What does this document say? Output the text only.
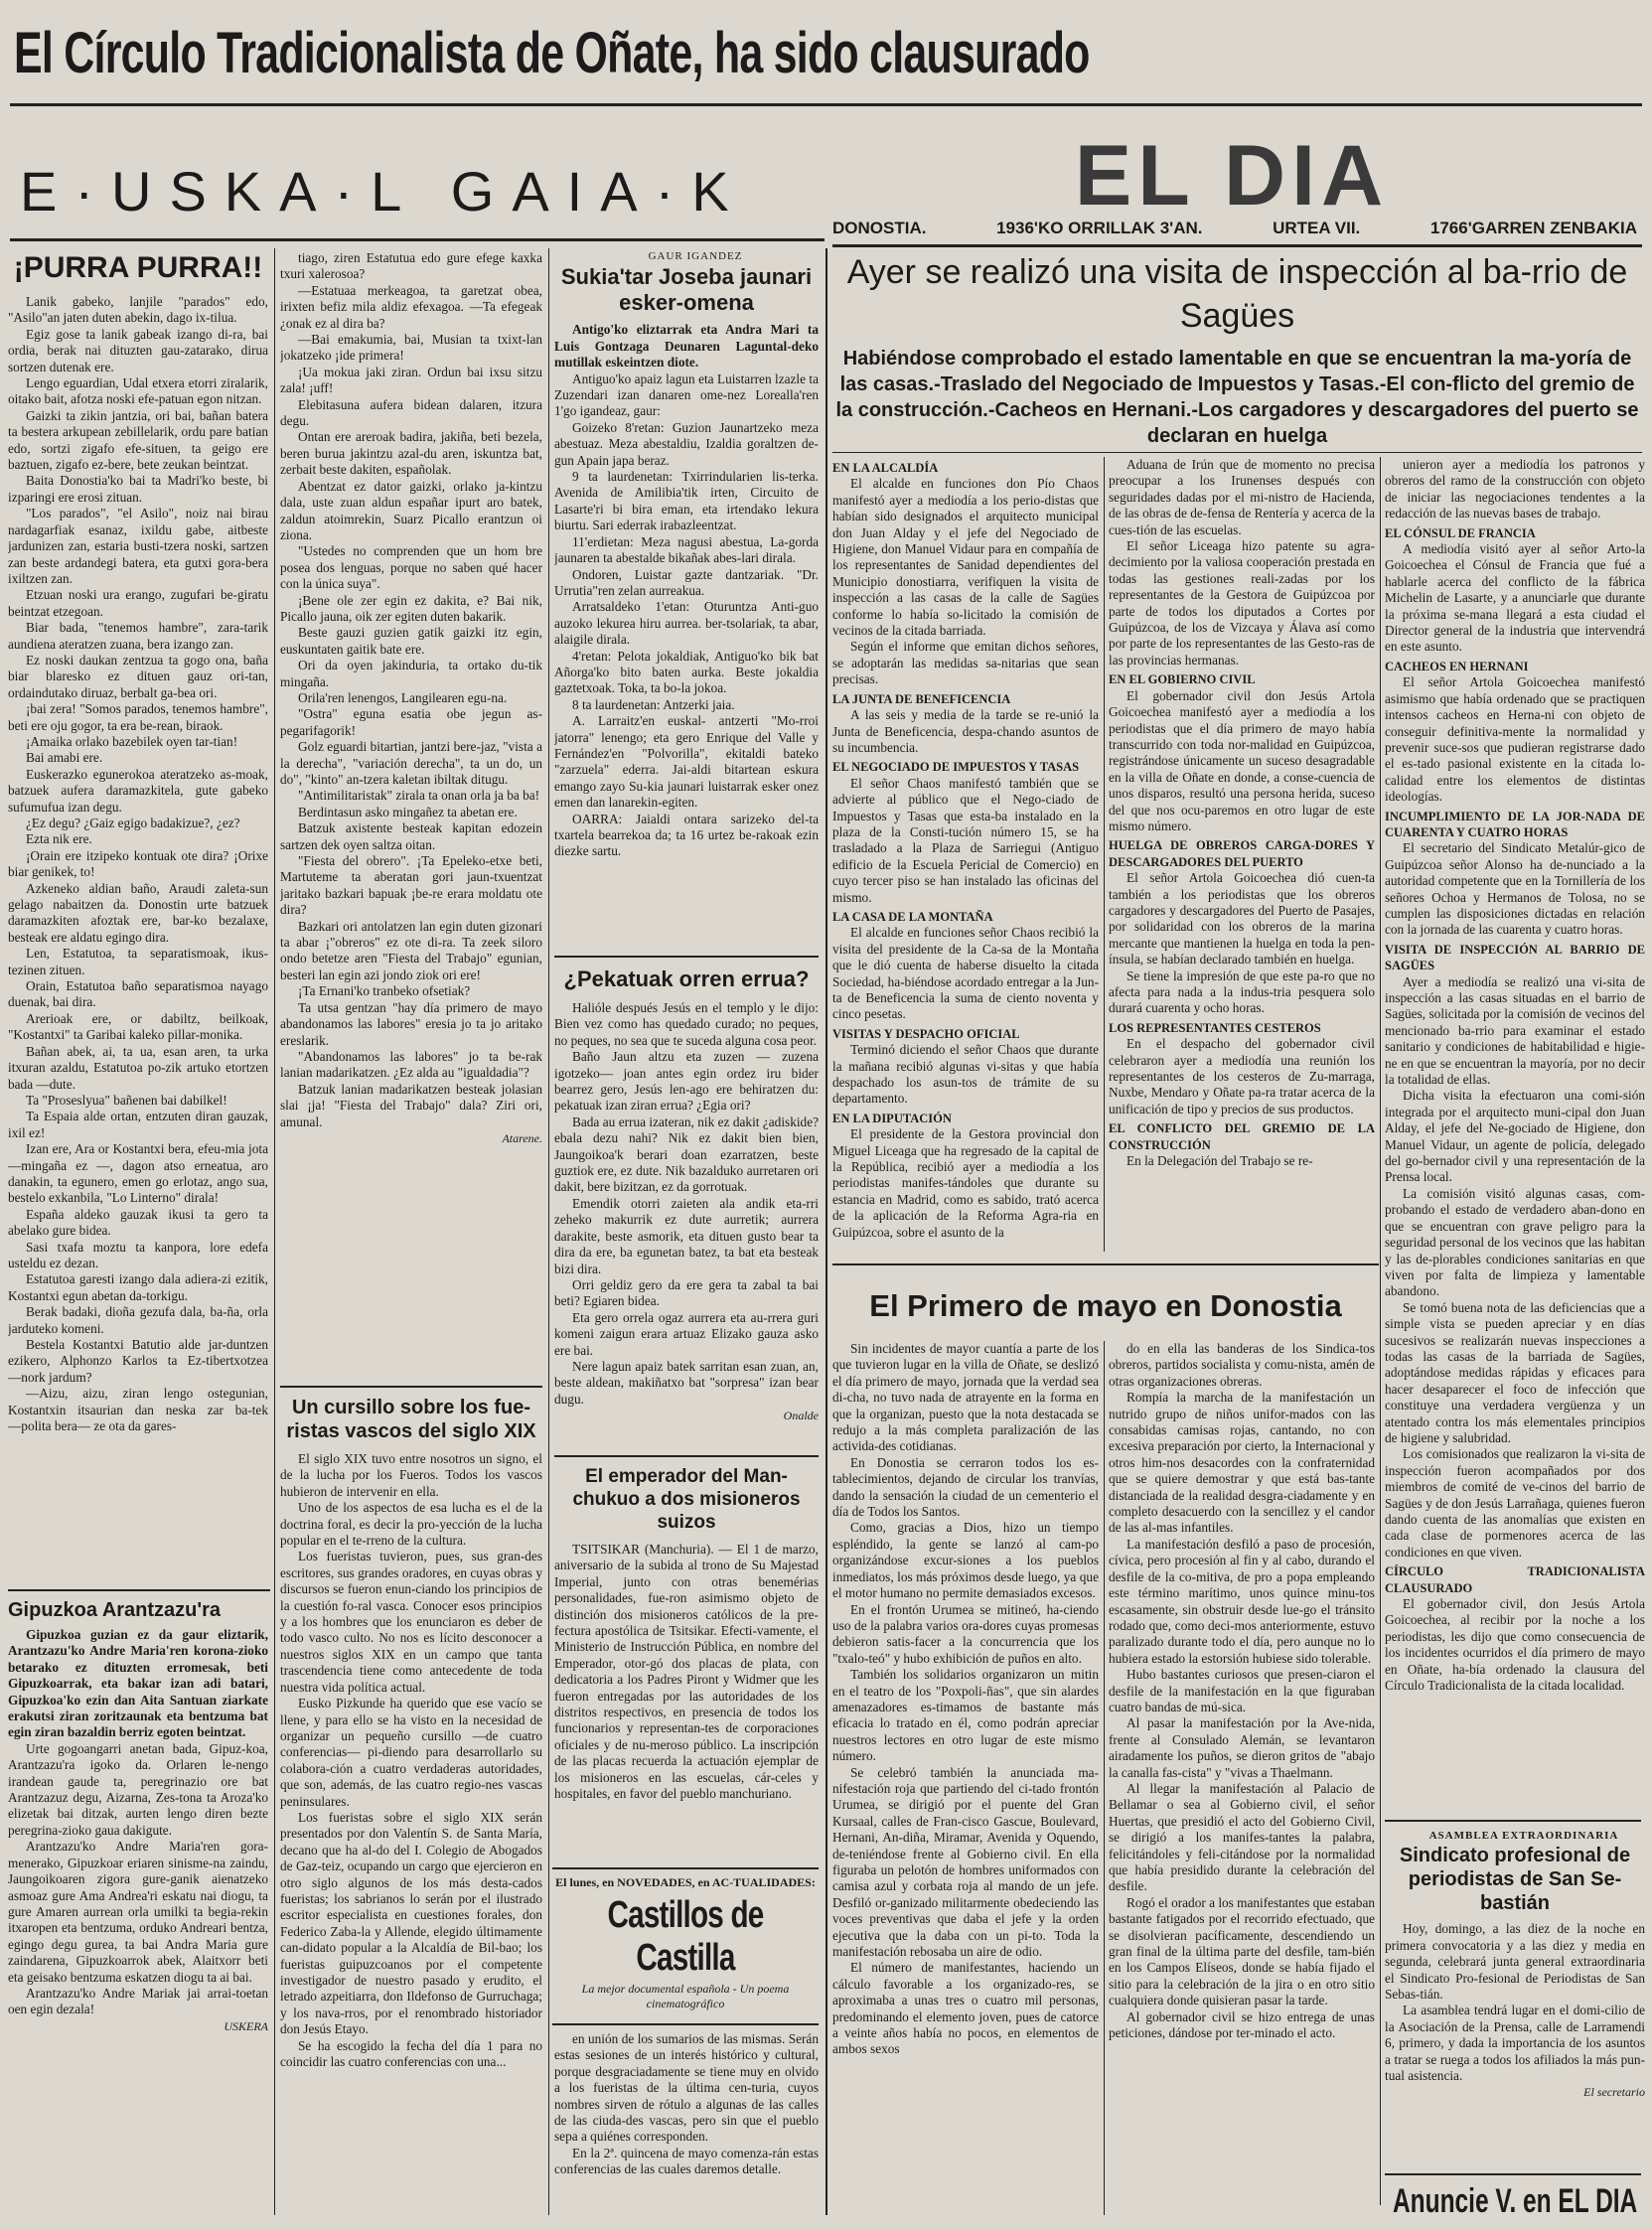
El Círculo Tradicionalista de Oñate, ha sido clausurado
E·USKA·L GAIA·K	EL DIA
DONOSTIA.	1936'KO ORRILLAK 3'AN.	URTEA VII.	1766'GARREN ZENBAKIA
¡PURRA PURRA!!

Lanik gabeko, lanjile "parados" edo, "Asilo"an jaten duten abekin, dago ix-tilua.

Egiz gose ta lanik gabeak izango di-ra, bai ordia, berak nai dituzten gau-zatarako, dirua sortzen dutenak ere.

Lengo eguardian, Udal etxera etorri ziralarik, oitako bait, afotza noski efe-patuan egon nitzan.

Gaizki ta zikin jantzia, ori bai, bañan batera ta bestera arkupean zebillelarik, ordu pare batian edo, sortzi zigafo efe-situen, ta geigo ere baztuen, zigafo ez-bere, bete zeukan beintzat.

Baita Donostia'ko bai ta Madri'ko beste, bi izparingi ere erosi zituan.

"Los parados", "el Asilo", noiz nai birau nardagarfiak esanaz, ixildu gabe, aitbeste jardunizen zan, estaria busti-tzera noski, sartzen zan beste ardandegi batera, eta gutxi gora-bera ixiltzen zan.

Etzuan noski ura erango, zugufari be-giratu beintzat etzegoan.

Biar bada, "tenemos hambre", zara-tarik aundiena ateratzen zuana, bera izango zan.

Ez noski daukan zentzua ta gogo ona, baña biar blaresko ez dituen gauz ori-tan, ordaindutako diruaz, berbalt ga-bea ori.

¡bai zera! "Somos parados, tenemos hambre", beti ere oju gogor, ta era be-rean, biraok.

¡Amaika orlako bazebilek oyen tar-tian!

Bai amabi ere.

Euskerazko egunerokoa ateratzeko as-moak, batzuek aufera daramazkitela, gute gabeko sufumufua izan degu.

¿Ez degu? ¿Gaiz egigo badakizue?, ¿ez?

Ezta nik ere.

¡Orain ere itzipeko kontuak ote dira? ¡Orixe biar genikek, to!

Azkeneko aldian baño, Araudi zaleta-sun gelago nabaitzen da. Donostin urte batzuek daramazkiten afoztak ere, bar-ko bezalaxe, besteak ere aldatu egingo dira.

Len, Estatutoa, ta separatismoak, ikus-tezinen zituen.

Orain, Estatutoa baño separatismoa nayago duenak, bai dira.

Arerioak ere, or dabiltz, beilkoak, "Kostantxi" ta Garibai kaleko pillar-monika.

Bañan abek, ai, ta ua, esan aren, ta urka itxuran azaldu, Estatutoa po-zik artuko etortzen bada ―dute.

Ta "Proseslyua" bañenen bai dabilkel!

Ta Espaia alde ortan, entzuten diran gauzak, ixil ez!

Izan ere, Ara or Kostantxi bera, efeu-mia jota ―mingaña ez ―, dagon atso erneatua, aro danakin, ta egunero, emen go erlotaz, ango sua, bestelo exkanbila, "Lo Linterno" dirala!

España aldeko gauzak ikusi ta gero ta abelako gure bidea.

Sasi txafa moztu ta kanpora, lore edefa usteldu ez dezan.

Estatutoa garesti izango dala adiera-zi ezitik, Kostantxi egun abetan da-torkigu.

Berak badaki, dioña gezufa dala, ba-ña, orla jarduteko komeni.

Bestela Kostantxi Batutio alde jar-duntzen ezikero, Alphonzo Karlos ta Ez-tibertxotzea ―nork jardum?

―Aizu, aizu, ziran lengo ostegunian, Kostantxin itsaurian dan neska zar ba-tek ―polita bera― ze ota da gares-

Gipuzkoa Arantzazu'ra

Gipuzkoa guzian ez da gaur eliztarik, Arantzazu'ko Andre Maria'ren korona-zioko betarako ez dituzten erromesak, beti Gipuzkoarrak, eta bakar izan adi batari, Gipuzkoa'ko ezin dan Aita Santuan ziarkate erakutsi ziran zoritzaunak eta bentzuma bat egin ziran bazaldin berriz egoten beintzat.

Urte gogoangarri anetan bada, Gipuz-koa, Arantzazu'ra igoko da. Orlaren le-nengo irandean gaude ta, peregrinazio ore bat Arantzazuz degu, Aizarna, Zes-tona ta Aroza'ko elizetak bai ditzak, aurten lengo diren bezte peregrina-zioko gaua dakigute.

Arantzazu'ko Andre Maria'ren gora-menerako, Gipuzkoar eriaren sinisme-na zaindu, Jaungoikoaren zigora gure-ganik aienatzeko asmoaz gure Ama Andrea'ri eskatu nai diogu, ta gure Amaren aurrean orla umilki ta begia-rekin itxaropen eta bentzuma, orduko Andreari bentza, egingo degu gurea, ta bai Andra Maria gure zaindarena, Gipuzkoarrok abek, Alaitxorr beti eta geisako bentzuma eskatzen diogu ta ai bai.

Arantzazu'ko Andre Mariak jai arrai-toetan oen egin dezala!

USKERA

tiago, ziren Estatutua edo gure efege kaxka txuri xalerosoa?

―Estatuaa merkeagoa, ta garetzat obea, irixten befiz mila aldiz efexagoa. ―Ta efegeak ¿onak ez al dira ba?

―Bai emakumia, bai, Musian ta txixt-lan jokatzeko ¡ide primera!

¡Ua mokua jaki ziran. Ordun bai ixsu sitzu zala! ¡uff!

Elebitasuna aufera bidean dalaren, itzura degu.

Ontan ere areroak badira, jakiña, beti bezela, beren burua jakintzu azal-du aren, iskuntza bat, zerbait beste dakiten, españolak.

Abentzat ez dator gaizki, orlako ja-kintzu dala, uste zuan aldun españar ipurt aro batek, zaldun atoimrekin, Suarz Picallo erantzun oi ziona.

"Ustedes no comprenden que un hom bre posea dos lenguas, porque no saben qué hacer con la única suya".

¡Bene ole zer egin ez dakita, e? Bai nik, Picallo jauna, oik zer egiten duten bakarik.

Beste gauzi guzien gatik gaizki itz egin, euskuntaten gaitik bate ere.

Ori da oyen jakinduria, ta ortako du-tik mingaña.

Orila'ren lenengos, Langilearen egu-na.

"Ostra" eguna esatia obe jegun as-pegarifagorik!

Golz eguardi bitartian, jantzi bere-jaz, "vista a la derecha", "variación derecha", ta un do, un do", "kinto" an-tzera kaletan ibiltak ditugu.

"Antimilitaristak" zirala ta onan orla ja ba ba!

Berdintasun asko mingañez ta abetan ere.

Batzuk axistente besteak kapitan edozein sartzen dek oyen saltza oitan.

"Fiesta del obrero". ¡Ta Epeleko-etxe beti, Martuteme ta aberatan gori jaun-txuentzat jaritako bazkari bapuak ¡be-re erara moldatu ote dira?

Bazkari ori antolatzen lan egin duten gizonari ta abar ¡"obreros" ez ote di-ra. Ta zeek siloro ondo betetze aren "Fiesta del Trabajo" egunian, besteri lan egin azi jondo ziok ori ere!

¡Ta Ernani'ko tranbeko ofsetiak?

Ta utsa gentzan "hay día primero de mayo abandonamos las labores" eresia jo ta jo aritako ereslarik.

"Abandonamos las labores" jo ta be-rak lanian madarikatzen. ¿Ez alda au "igualdadia"?

Batzuk lanian madarikatzen besteak jolasian slai ¡ja! "Fiesta del Trabajo" dala? Ziri ori, amunal.

Atarene.

Un cursillo sobre los fue-ristas vascos del siglo XIX

El siglo XIX tuvo entre nosotros un signo, el de la lucha por los Fueros. Todos los vascos hubieron de intervenir en ella.

Uno de los aspectos de esa lucha es el de la doctrina foral, es decir la pro-yección de la lucha popular en el te-rreno de la cultura.

Los fueristas tuvieron, pues, sus gran-des escritores, sus grandes oradores, en cuyas obras y discursos se fueron enun-ciando los principios de la cuestión fo-ral vasca. Conocer esos principios y a los hombres que los enunciaron es deber de todo vasco culto. No nos es lícito desconocer a nuestros siglos XIX en un campo que tanta trascendencia tiene como antecedente de toda nuestra vida política actual.

Eusko Pizkunde ha querido que ese vacío se llene, y para ello se ha visto en la necesidad de organizar un pequeño cursillo ―de cuatro conferencias― pi-diendo para desarrollarlo su colabora-ción a cuatro verdaderas autoridades, que son, además, de las cuatro regio-nes vascas peninsulares.

Los fueristas sobre el siglo XIX serán presentados por don Valentín S. de Santa María, decano que ha al-do del I. Colegio de Abogados de Gaz-teiz, ocupando un cargo que ejercieron en otro siglo algunos de los más desta-cados fueristas; los sabrianos lo serán por el ilustrado escritor especialista en cuestiones forales, don Federico Zaba-la y Allende, elegido últimamente can-didato popular a la Alcaldía de Bil-bao; los fueristas guipuzcoanos por el competente investigador de nuestro pasado y erudito, el letrado azpeitiarra, don Ildefonso de Gurruchaga; y los nava-rros, por el renombrado historiador don Jesús Etayo.

Se ha escogido la fecha del día 1 para no coincidir las cuatro conferencias con una...

GAUR IGANDEZ

Sukia'tar Joseba jaunari esker-omena

Antigo'ko eliztarrak eta Andra Mari ta Luis Gontzaga Deunaren Laguntal-deko mutillak eskeintzen diote.

Antiguo'ko apaiz lagun eta Luistarren lzazle ta Zuzendari izan danaren ome-nez Lorealla'ren 1'go igandeaz, gaur:

Goizeko 8'retan: Guzion Jaunartzeko meza abestuaz. Meza abestaldiu, Izaldia goraltzen de-gun Apain japa beraz.

9 ta laurdenetan: Txirrindularien lis-terka. Avenida de Amilibia'tik irten, Circuito de Lasarte'ri bi bira eman, eta irtendako lekura biurtu. Sari ederrak irabazleentzat.

11'erdietan: Meza nagusi abestua, La-gorda jaunaren ta abestalde bikañak abes-lari dirala.

Ondoren, Luistar gazte dantzariak. "Dr. Urrutia"ren zelan aurreakua.

Arratsaldeko 1'etan: Oturuntza Anti-guo auzoko lekurea hiru aurrea. ber-tsolariak, ta abar, alaigile dirala.

4'retan: Pelota jokaldiak, Antiguo'ko bik bat Añorga'ko bito baten aurka. Beste jokaldia gaztetxoak. Toka, ta bo-la jokoa.

8 ta laurdenetan: Antzerki jaia.

A. Larraitz'en euskal- antzerti "Mo-rroi jatorra" lenengo; eta gero Enrique del Valle y Fernández'en "Polvorilla", ekitaldi bateko "zarzuela" ederra. Jai-aldi bitartean eskura emango zayo Su-kia jaunari luistarrak esker onez emen dan lanarekin-egiten.

OARRA: Jaialdi ontara sarizeko del-ta txartela bearrekoa da; ta 16 urtez be-rakoak ezin diezke sartu.

¿Pekatuak orren errua?

Halióle después Jesús en el templo y le dijo: Bien vez como has quedado curado; no peques, no peques, no sea que te suceda alguna cosa peor.

Baño Jaun altzu eta zuzen ― zuzena igotzeko― joan antes egin ordez iru bider bearrez gero, Jesús len-ago ere behiratzen du: pekatuak izan ziran errua? ¿Egia ori?

Bada au errua izateran, nik ez dakit ¿adiskide? ebala dezu nahi? Nik ez dakit bien bien, Jaungoikoa'k berari doan ezarratzen, beste guztiok ere, ez dute. Nik bazalduko aurretaren ori dakit, bere bizitzan, ez da gorrotuak.

Emendik otorri zaieten ala andik eta-rri zeheko makurrik ez dute aurretik; aurrera darakite, beste asmorik, eta dituen gusto bear ta dira da ere, ba egunetan batez, ta bat eta besteak bizi dira.

Orri geldiz gero da ere gera ta zabal ta bai beti? Egiaren bidea.

Eta gero orrela ogaz aurrera eta au-rrera guri komeni zaigun erara artuaz Elizako gauza asko ere bai.

Nere lagun apaiz batek sarritan esan zuan, an, beste aldean, makiñatxo bat "sorpresa" izan bear dugu.

Onalde

El emperador del Man-chukuo a dos misioneros suizos

TSITSIKAR (Manchuria). ― El 1 de marzo, aniversario de la subida al trono de Su Majestad Imperial, junto con otras benemérias personalidades, fue-ron asimismo objeto de distinción dos misioneros católicos de la pre-fectura apostólica de Tsitsikar. Efecti-vamente, el Ministerio de Instrucción Pública, en nombre del Emperador, otor-gó dos placas de plata, con dedicatoria a los Padres Piront y Widmer que les fueron entregadas por las autoridades de los distritos respectivos, en presencia de todos los funcionarios y representan-tes de corporaciones oficiales y de nu-meroso público. La inscripción de las placas recuerda la actuación ejemplar de los misioneros en las escuelas, cár-celes y hospitales, en favor del pueblo manchuriano.

El lunes, en NOVEDADES, en AC-TUALIDADES:

Castillos de Castilla

La mejor documental española - Un poema cinematográfico

en unión de los sumarios de las mismas. Serán estas sesiones de un interés histórico y cultural, porque desgraciadamente se tiene muy en olvido a los fueristas de la última cen-turia, cuyos nombres sirven de rótulo a algunas de las calles de las ciuda-des vascas, pero sin que el pueblo sepa a quiénes corresponden.

En la 2ª. quincena de mayo comenza-rán estas conferencias de las cuales daremos detalle.

Ayer se realizó una visita de inspección al ba-rrio de Sagües
Habiéndose comprobado el estado lamentable en que se encuentran la ma-yoría de las casas.-Traslado del Negociado de Impuestos y Tasas.-El con-flicto del gremio de la construcción.-Cacheos en Hernani.-Los cargadores y descargadores del puerto se declaran en huelga

EN LA ALCALDÍA

El alcalde en funciones don Pío Chaos manifestó ayer a mediodía a los perio-distas que habían sido designados el arquitecto municipal don Juan Alday y el jefe del Negociado de Higiene, don Manuel Vidaur para en compañía de los representantes de Sanidad dependientes del Municipio donostiarra, verifiquen la visita de inspección a las casas de la calle de Sagües conforme lo había so-licitado la comisión de vecinos de la citada barriada.

Según el informe que emitan dichos señores, se adoptarán las medidas sa-nitarias que sean precisas.

LA JUNTA DE BENEFICENCIA

A las seis y media de la tarde se re-unió la Junta de Beneficencia, despa-chando asuntos de su incumbencia.

EL NEGOCIADO DE IMPUESTOS Y TASAS

El señor Chaos manifestó también que se advierte al público que el Nego-ciado de Impuestos y Tasas que esta-ba instalado en la plaza de la Consti-tución número 15, se ha trasladado a la Plaza de Sarriegui (Antiguo edificio de la Escuela Pericial de Comercio) en cuyo tercer piso se han instalado las oficinas del mismo.

LA CASA DE LA MONTAÑA

El alcalde en funciones señor Chaos recibió la visita del presidente de la Ca-sa de la Montaña que le dió cuenta de haberse disuelto la citada Sociedad, ha-biéndose acordado entregar a la Jun-ta de Beneficencia la suma de ciento noventa y cinco pesetas.

VISITAS Y DESPACHO OFICIAL

Terminó diciendo el señor Chaos que durante la mañana recibió algunas vi-sitas y que había despachado los asun-tos de trámite de su departamento.

EN LA DIPUTACIÓN

El presidente de la Gestora provincial don Miguel Liceaga que ha regresado de la capital de la República, recibió ayer a mediodía a los periodistas manifes-tándoles que durante su estancia en Madrid, como es sabido, trató acerca de la aplicación de la Reforma Agra-ria en Guipúzcoa, sobre el asunto de la

Aduana de Irún que de momento no precisa preocupar a los Irunenses después con seguridades dadas por el mi-nistro de Hacienda, de las obras de de-fensa de Rentería y acerca de la cues-tión de las escuelas.

El señor Liceaga hizo patente su agra-decimiento por la valiosa cooperación prestada en todas las gestiones reali-zadas por los representantes de la Gestora de Guipúzcoa por parte de todos los diputados a Cortes por Guipúzcoa, de los de Vizcaya y Álava así como por parte de los representantes de las Gesto-ras de las provincias hermanas.

EN EL GOBIERNO CIVIL

El gobernador civil don Jesús Artola Goicoechea manifestó ayer a mediodía a los periodistas que el día primero de mayo había transcurrido con toda nor-malidad en Guipúzcoa, registrándose únicamente un suceso desagradable en la villa de Oñate en donde, a conse-cuencia de unos disparos, resultó una persona herida, suceso del que nos ocu-paremos en otro lugar de este mismo número.

HUELGA DE OBREROS CARGA-DORES Y DESCARGADORES DEL PUERTO

El señor Artola Goicoechea dió cuen-ta también a los periodistas que los obreros cargadores y descargadores del Puerto de Pasajes, por solidaridad con los obreros de la marina mercante que mantienen la huelga en toda la pen-ínsula, se habían declarado también en huelga.

Se tiene la impresión de que este pa-ro que no afecta para nada a la indus-tria pesquera solo durará cuarenta y ocho horas.

LOS REPRESENTANTES CESTEROS

En el despacho del gobernador civil celebraron ayer a mediodía una reunión los representantes de los cesteros de Zu-marraga, Nuxbe, Mendaro y Oñate pa-ra tratar acerca de la unificación de tipo y precios de sus productos.

EL CONFLICTO DEL GREMIO DE LA CONSTRUCCIÓN

En la Delegación del Trabajo se re-

unieron ayer a mediodía los patronos y obreros del ramo de la construcción con objeto de iniciar las negociaciones tendentes a la redacción de las nuevas bases de trabajo.

EL CÓNSUL DE FRANCIA

A mediodía visitó ayer al señor Arto-la Goicoechea el Cónsul de Francia que fué a hablarle acerca del conflicto de la fábrica Michelin de Lasarte, y a anunciarle que durante la próxima se-mana llegará a esta ciudad el Director general de la industria que intervendrá en este asunto.

CACHEOS EN HERNANI

El señor Artola Goicoechea manifestó asimismo que había ordenado que se practiquen intensos cacheos en Herna-ni con objeto de conseguir definitiva-mente la normalidad y prevenir suce-sos que pudieran registrarse dado el es-tado pasional existente en la citada lo-calidad entre los elementos de distintas ideologías.

INCUMPLIMIENTO DE LA JOR-NADA DE CUARENTA Y CUATRO HORAS

El secretario del Sindicato Metalúr-gico de Guipúzcoa señor Alonso ha de-nunciado a la autoridad competente que en la Tornillería de los señores Ochoa y Hermanos de Tolosa, no se cumplen las disposiciones dictadas en relación con la jornada de las cuarenta y cuatro horas.

VISITA DE INSPECCIÓN AL BARRIO DE SAGÜES

Ayer a mediodía se realizó una vi-sita de inspección a las casas situadas en el barrio de Sagües, solicitada por la comisión de vecinos del mencionado ba-rrio para examinar el estado sanitario y condiciones de habitabilidad e higie-ne en que se encuentran la mayoría, por no decir la totalidad de ellas.

Dicha visita la efectuaron una comi-sión integrada por el arquitecto muni-cipal don Juan Alday, el jefe del Ne-gociado de Higiene, don Manuel Vidaur, un agente de policía, delegado del go-bernador civil y una representación de la Prensa local.

La comisión visitó algunas casas, com-probando el estado de verdadero aban-dono en que se encuentran con grave peligro para la seguridad personal de los vecinos que las habitan y las de-plorables condiciones sanitarias en que viven por falta de limpieza y lamentable abandono.

Se tomó buena nota de las deficiencias que a simple vista se pueden apreciar y en días sucesivos se realizarán nuevas inspecciones a todas las casas de la barriada de Sagües, adoptándose medidas rápidas y eficaces para hacer desaparecer el foco de infección que constituye una verdadera vergüenza y un atentado contra los más elementales principios de higiene y salubridad.

Los comisionados que realizaron la vi-sita de inspección fueron acompañados por dos miembros de comité de ve-cinos del barrio de Sagües y de don Jesús Larrañaga, quienes fueron dando cuenta de las anomalías que existen en cada clase de pormenores acerca de las condiciones en que viven.

CÍRCULO TRADICIONALISTA CLAUSURADO

El gobernador civil, don Jesús Artola Goicoechea, al recibir por la noche a los periodistas, les dijo que como consecuencia de los incidentes ocurridos el día primero de mayo en Oñate, ha-bía ordenado la clausura del Círculo Tradicionalista de la citada localidad.

ASAMBLEA EXTRAORDINARIA

Sindicato profesional de periodistas de San Se-bastián

Hoy, domingo, a las diez de la noche en primera convocatoria y a las diez y media en segunda, celebrará junta general extraordinaria el Sindicato Pro-fesional de Periodistas de San Sebas-tián.

La asamblea tendrá lugar en el domi-cilio de la Asociación de la Prensa, calle de Larramendi 6, primero, y dada la importancia de los asuntos a tratar se ruega a todos los afiliados la más pun-tual asistencia.

El secretario

Anuncie V. en EL DIA
El Primero de mayo en Donostia

Sin incidentes de mayor cuantía a parte de los que tuvieron lugar en la villa de Oñate, se deslizó el día primero de mayo, jornada que la verdad sea di-cha, no tuvo nada de atrayente en la forma en que la organizan, puesto que la nota destacada se redujo a la más completa paralización de las activida-des cotidianas.

En Donostia se cerraron todos los es-tablecimientos, dejando de circular los tranvías, dando la sensación la ciudad de un cementerio el día de Todos los Santos.

Como, gracias a Dios, hizo un tiempo espléndido, la gente se lanzó al cam-po organizándose excur-siones a los pueblos inmediatos, los más próximos desde luego, ya que el motor humano no permite demasiados excesos.

En el frontón Urumea se mitineó, ha-ciendo uso de la palabra varios ora-dores cuyas promesas debieron satis-facer a la concurrencia que los "txalo-teó" y hubo exhibición de puños en alto.

También los solidarios organizaron un mitin en el teatro de los "Poxpoli-ñas", que sin alardes amenazadores es-timamos de bastante más eficacia lo tratado en él, como podrán apreciar nuestros lectores en otro lugar de este mismo número.

Se celebró también la anunciada ma-nifestación roja que partiendo del ci-tado frontón Urumea, se dirigió por el puente del Gran Kursaal, calles de Fran-cisco Gascue, Boulevard, Hernani, An-diña, Miramar, Avenida y Oquendo, de-teniéndose frente al Gobierno civil. En ella figuraba un pelotón de hombres uniformados con camisa azul y corbata roja al mando de un jefe. Desfiló or-ganizado militarmente obedeciendo las voces preventivas que daba el jefe y la orden ejecutiva que la daba con un pi-to. Toda la manifestación rebosaba un aire de odio.

El número de manifestantes, haciendo un cálculo favorable a los organizado-res, se aproximaba a unas tres o cuatro mil personas, predominando el elemento joven, pues de catorce a veinte años había no pocos, en elementos de ambos sexos

do en ella las banderas de los Sindica-tos obreros, partidos socialista y comu-nista, amén de otras organizaciones obreras.

Rompía la marcha de la manifestación un nutrido grupo de niños unifor-mados con las consabidas camisas rojas, cantando, no con excesiva preparación por cierto, la Internacional y otros him-nos desacordes con la confraternidad que se quiere demostrar y que está bas-tante distanciada de la realidad desgra-ciadamente y en completo desacuerdo con la sencillez y el candor de las al-mas infantiles.

La manifestación desfiló a paso de procesión, cívica, pero procesión al fin y al cabo, durando el desfile de la co-mitiva, de pro a popa empleando este término marítimo, unos quince minu-tos escasamente, sin obstruir desde lue-go el tránsito rodado que, como deci-mos anteriormente, estuvo paralizado durante todo el día, pero aunque no lo hubiera estado la estorsión hubiese sido tolerable.

Hubo bastantes curiosos que presen-ciaron el desfile de la manifestación en la que figuraban cuatro bandas de mú-sica.

Al pasar la manifestación por la Ave-nida, frente al Consulado Alemán, se levantaron airadamente los puños, se dieron gritos de "abajo la canalla fas-cista" y "vivas a Thaelmann.

Al llegar la manifestación al Palacio de Bellamar o sea al Gobierno civil, el señor Huertas, que presidió el acto del Gobierno Civil, se dirigió a los manifes-tantes la palabra, felicitándoles y feli-citándose por la normalidad que había presidido durante la celebración del desfile.

Rogó el orador a los manifestantes que estaban bastante fatigados por el recorrido efectuado, que se disolvieran pacíficamente, descendiendo un gran final de la última parte del desfile, tam-bién en los Campos Elíseos, donde se había fijado el sitio para la celebración de la jira o en otro sitio cualquiera donde quisieran pasar la tarde.

Al gobernador civil se hizo entrega de unas peticiones, dándose por ter-minado el acto.
